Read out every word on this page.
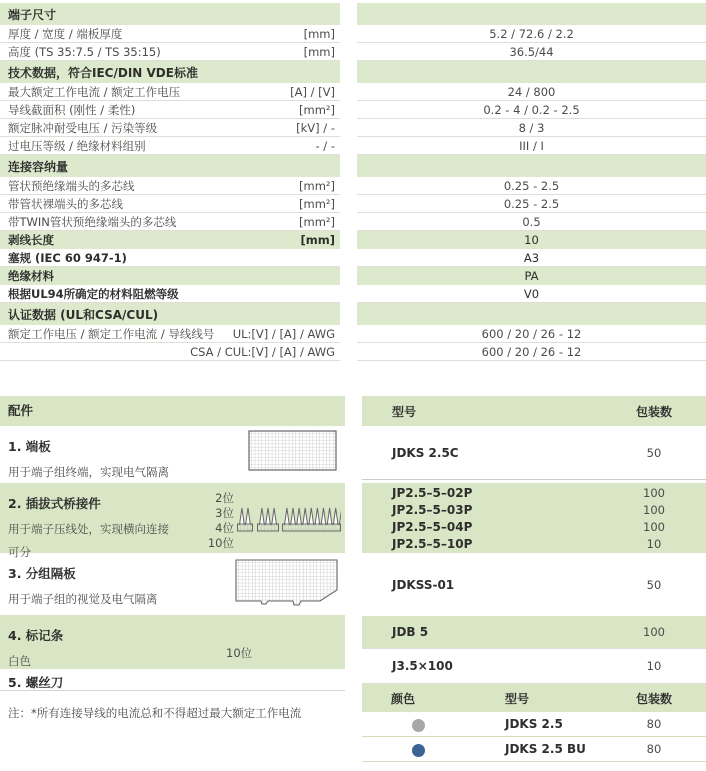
端子尺寸
厚度 / 宽度 / 端板厚度	[mm]	5.2 / 72.6 / 2.2
高度 (TS 35:7.5 / TS 35:15)	[mm]	36.5/44
技术数据，符合IEC/DIN VDE标准
最大额定工作电流 / 额定工作电压	[A] / [V]	24 / 800
导线截面积 (刚性 / 柔性)	[mm²]	0.2 - 4 / 0.2 - 2.5
额定脉冲耐受电压 / 污染等级	[kV] / -	8 / 3
过电压等级 / 绝缘材料组别	- / -	III / I
连接容纳量
管状预绝缘端头的多芯线	[mm²]	0.25 - 2.5
带管状裸端头的多芯线	[mm²]	0.25 - 2.5
带TWIN管状预绝缘端头的多芯线	[mm²]	0.5
剥线长度	[mm]	10
塞规 (IEC 60 947-1)	A3
绝缘材料	PA
根据UL94所确定的材料阻燃等级	V0
认证数据 (UL和CSA/CUL)
额定工作电压 / 额定工作电流 / 导线线号 UL:[V] / [A] / AWG	600 / 20 / 26 - 12
CSA / CUL:[V] / [A] / AWG	600 / 20 / 26 - 12
配件
1. 端板
用于端子组终端，实现电气隔离
2. 插拔式桥接件
用于端子压线处，实现横向连接
可分
2位
3位
4位
10位
3. 分组隔板
用于端子组的视觉及电气隔离
4. 标记条
白色
10位
5. 螺丝刀
注：*所有连接导线的电流总和不得超过最大额定工作电流
型号	包装数
JDKS 2.5C	50
JP2.5–5–02P	100
JP2.5–5–03P	100
JP2.5–5–04P	100
JP2.5–5–10P	10
JDKSS-01	50
JDB 5	100
J3.5×100	10
颜色	型号	包装数
JDKS 2.5	80
JDKS 2.5 BU	80
